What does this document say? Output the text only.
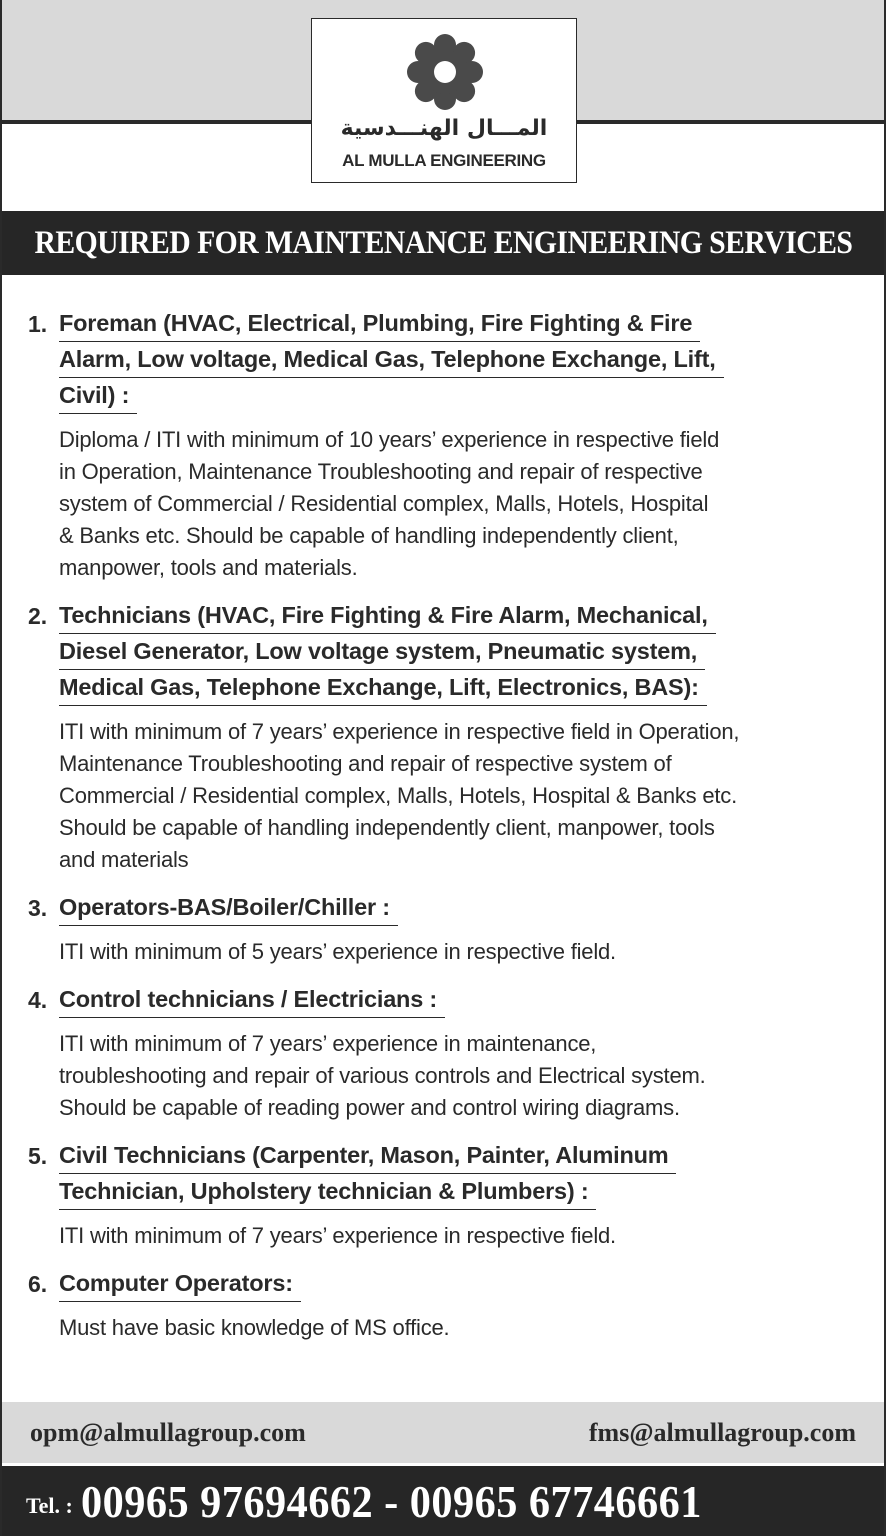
المـــال الهنـــدسية
AL MULLA ENGINEERING
REQUIRED FOR MAINTENANCE ENGINEERING SERVICES
1. Foreman (HVAC, Electrical, Plumbing, Fire Fighting & Fire
Alarm, Low voltage, Medical Gas, Telephone Exchange, Lift,
Civil) :
Diploma / ITI with minimum of 10 years’ experience in respective field
in Operation, Maintenance Troubleshooting and repair of respective
system of Commercial / Residential complex, Malls, Hotels, Hospital
& Banks etc. Should be capable of handling independently client,
manpower, tools and materials.
2. Technicians (HVAC, Fire Fighting & Fire Alarm, Mechanical,
Diesel Generator, Low voltage system, Pneumatic system,
Medical Gas, Telephone Exchange, Lift, Electronics, BAS):
ITI with minimum of 7 years’ experience in respective field in Operation,
Maintenance Troubleshooting and repair of respective system of
Commercial / Residential complex, Malls, Hotels, Hospital & Banks etc.
Should be capable of handling independently client, manpower, tools
and materials
3. Operators-BAS/Boiler/Chiller :
ITI with minimum of 5 years’ experience in respective field.
4. Control technicians / Electricians :
ITI with minimum of 7 years’ experience in maintenance,
troubleshooting and repair of various controls and Electrical system.
Should be capable of reading power and control wiring diagrams.
5. Civil Technicians (Carpenter, Mason, Painter, Aluminum
Technician, Upholstery technician & Plumbers) :
ITI with minimum of 7 years’ experience in respective field.
6. Computer Operators:
Must have basic knowledge of MS office.
opm@almullagroup.com	fms@almullagroup.com
Tel. : 00965 97694662 - 00965 67746661
